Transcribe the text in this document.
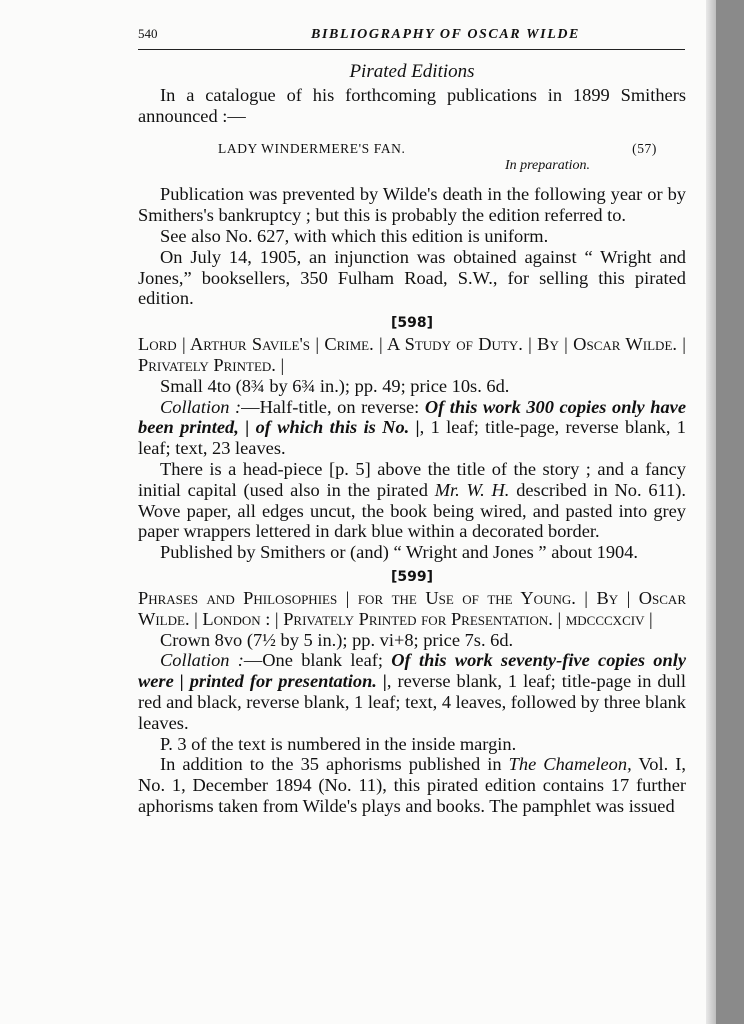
540	BIBLIOGRAPHY OF OSCAR WILDE
Pirated Editions

In a catalogue of his forthcoming publications in 1899 Smithers announced :—

LADY WINDERMERE'S FAN.	(57)
In preparation.

Publication was prevented by Wilde's death in the following year or by Smithers's bankruptcy ; but this is probably the edition referred to.

See also No. 627, with which this edition is uniform.

On July 14, 1905, an injunction was obtained against “ Wright and Jones,” booksellers, 350 Fulham Road, S.W., for selling this pirated edition.

[598]

Lord | Arthur Savile's | Crime. | A Study of Duty. | By | Oscar Wilde. | Privately Printed. |

Small 4to (8¾ by 6¾ in.); pp. 49; price 10s. 6d.

Collation :—Half-title, on reverse: Of this work 300 copies only have been printed, | of which this is No. |, 1 leaf; title-page, reverse blank, 1 leaf; text, 23 leaves.

There is a head-piece [p. 5] above the title of the story ; and a fancy initial capital (used also in the pirated Mr. W. H. described in No. 611). Wove paper, all edges uncut, the book being wired, and pasted into grey paper wrappers lettered in dark blue within a decorated border.

Published by Smithers or (and) “ Wright and Jones ” about 1904.

[599]

Phrases and Philosophies | for the Use of the Young. | By | Oscar Wilde. | London : | Privately Printed for Presentation. | mdcccxciv |

Crown 8vo (7½ by 5 in.); pp. vi+8; price 7s. 6d.

Collation :—One blank leaf; Of this work seventy-five copies only were | printed for presentation. |, reverse blank, 1 leaf; title-page in dull red and black, reverse blank, 1 leaf; text, 4 leaves, followed by three blank leaves.

P. 3 of the text is numbered in the inside margin.

In addition to the 35 aphorisms published in The Chameleon, Vol. I, No. 1, December 1894 (No. 11), this pirated edition contains 17 further aphorisms taken from Wilde's plays and books. The pamphlet was issued
